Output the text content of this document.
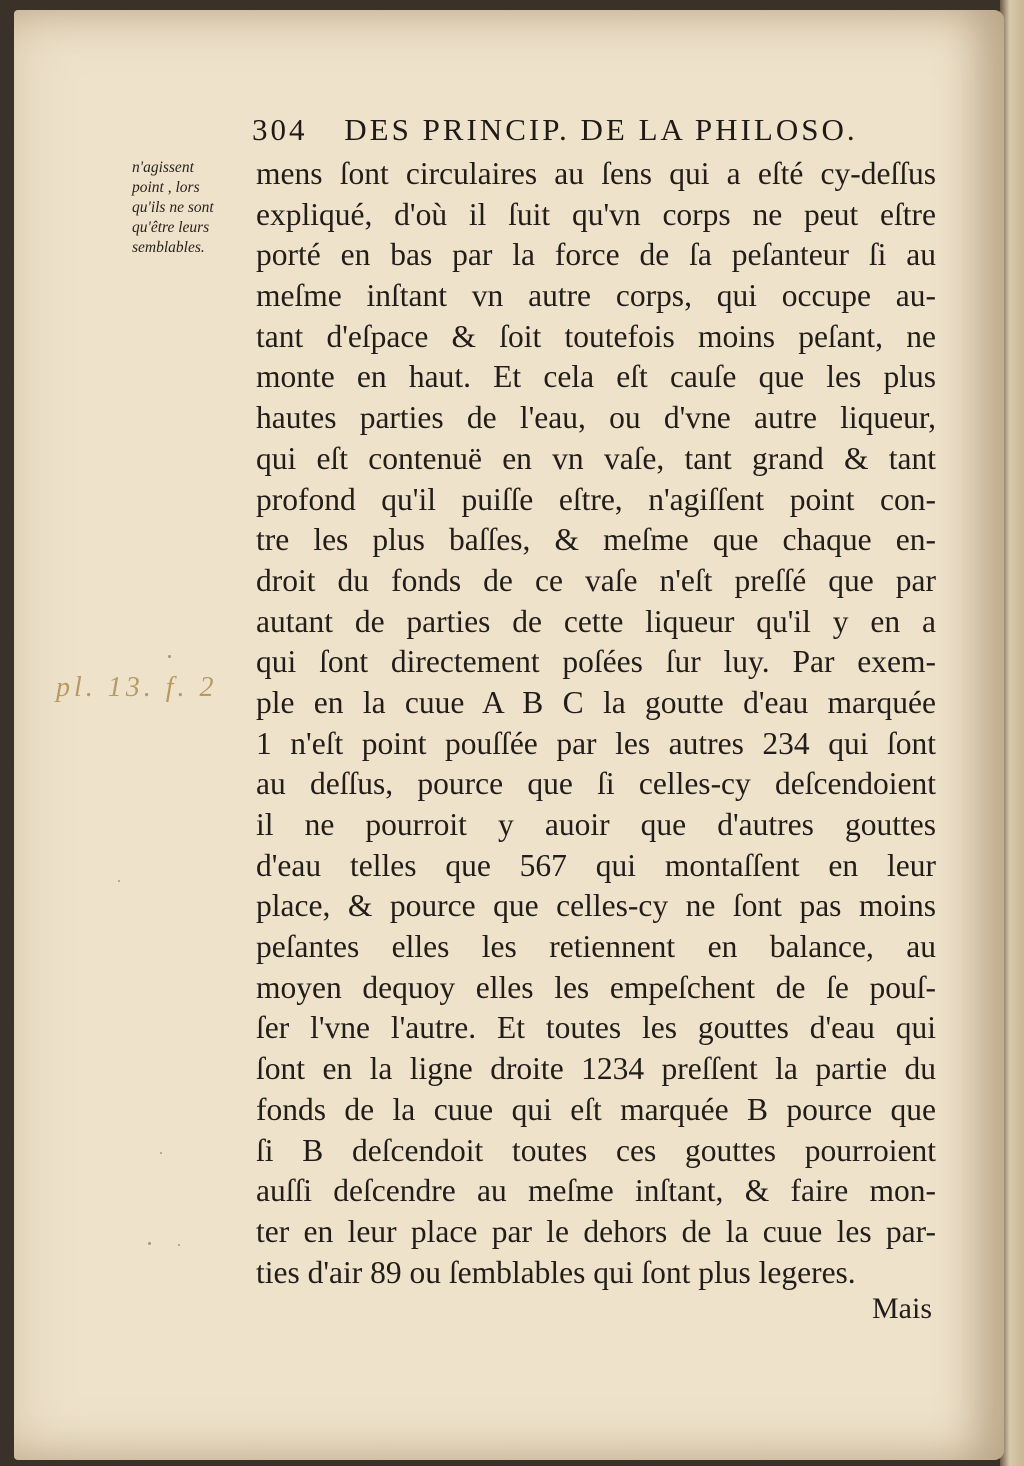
304 DES PRINCIP. DE LA PHILOSO.
n'agissent
point , lors
qu'ils ne sont
qu'être leurs
semblables.
pl. 13. f. 2
mens ſont circulaires au ſens qui a eſté cy-deſſus
expliqué, d'où il ſuit qu'vn corps ne peut eſtre
porté en bas par la force de ſa peſanteur ſi au
meſme inſtant vn autre corps, qui occupe au-
tant d'eſpace & ſoit toutefois moins peſant, ne
monte en haut. Et cela eſt cauſe que les plus
hautes parties de l'eau, ou d'vne autre liqueur,
qui eſt contenuë en vn vaſe, tant grand & tant
profond qu'il puiſſe eſtre, n'agiſſent point con-
tre les plus baſſes, & meſme que chaque en-
droit du fonds de ce vaſe n'eſt preſſé que par
autant de parties de cette liqueur qu'il y en a
qui ſont directement poſées ſur luy. Par exem-
ple en la cuue A B C la goutte d'eau marquée
1 n'eſt point pouſſée par les autres 234 qui ſont
au deſſus, pource que ſi celles-cy deſcendoient
il ne pourroit y auoir que d'autres gouttes
d'eau telles que 567 qui montaſſent en leur
place, & pource que celles-cy ne ſont pas moins
peſantes elles les retiennent en balance, au
moyen dequoy elles les empeſchent de ſe pouſ-
ſer l'vne l'autre. Et toutes les gouttes d'eau qui
ſont en la ligne droite 1234 preſſent la partie du
fonds de la cuue qui eſt marquée B pource que
ſi B deſcendoit toutes ces gouttes pourroient
auſſi deſcendre au meſme inſtant, & faire mon-
ter en leur place par le dehors de la cuue les par-
ties d'air 89 ou ſemblables qui ſont plus legeres.
Mais
